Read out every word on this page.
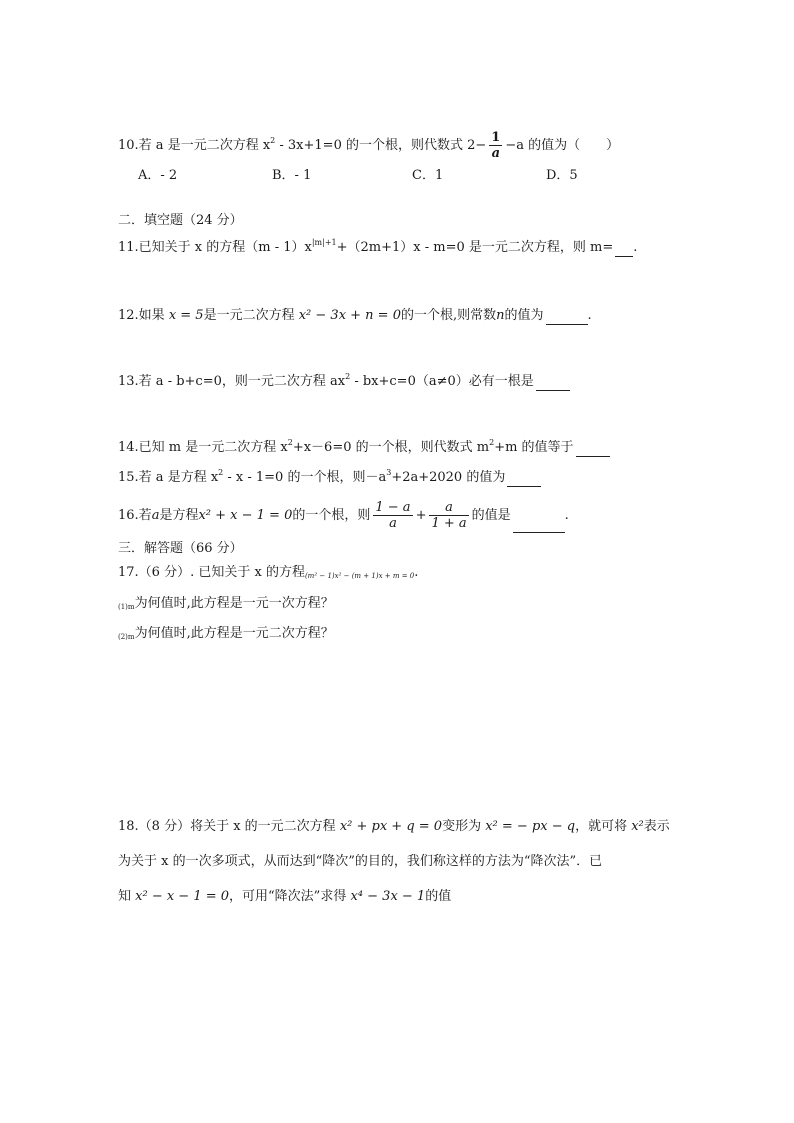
10.若 a 是一元二次方程 $x^2 - 3x+1=0$ 的一个根，则代数式 $2- \frac{1}{a} -a$ 的值为（　　）
A．- 2	B．- 1	C．1	D．5
二．填空题（24 分）
11.已知关于 x 的方程$(m - 1)x^{|m|+1}+(2m+1)x - m=0$ 是一元二次方程，则 m= .
12.如果 x = 5是一元二次方程 x² − 3x + n = 0的一个根,则常数n的值为	.
13.若 a - b+c=0，则一元二次方程 $ax^2 - bx+c=0(a\ne 0)$必有一根是
14.已知 m 是一元二次方程 $x^2+x-6=0$ 的一个根，则代数式 $m^2+m$ 的值等于
15.若 a 是方程 $x^2 - x - 1=0$ 的一个根，则$-a^3+2a+2020$ 的值为
16.若a是方程x² + x − 1 = 0的一个根，则 $\frac{1 - a}{a} + \frac{a}{1 + a}$ 的值是	.
三．解答题（66 分）
17.（6 分）. 已知关于 x 的方程(m² − 1)x² − (m + 1)x + m = 0.
(1)m为何值时,此方程是一元一次方程？
(2)m为何值时,此方程是一元二次方程？
18.（8 分）将关于 x 的一元二次方程 x² + px + q = 0变形为 x² = − px − q，就可将 x²表示
为关于 x 的一次多项式，从而达到“降次”的目的，我们称这样的方法为“降次法”．已
知 x² − x − 1 = 0，可用“降次法”求得 x⁴ − 3x − 1的值
